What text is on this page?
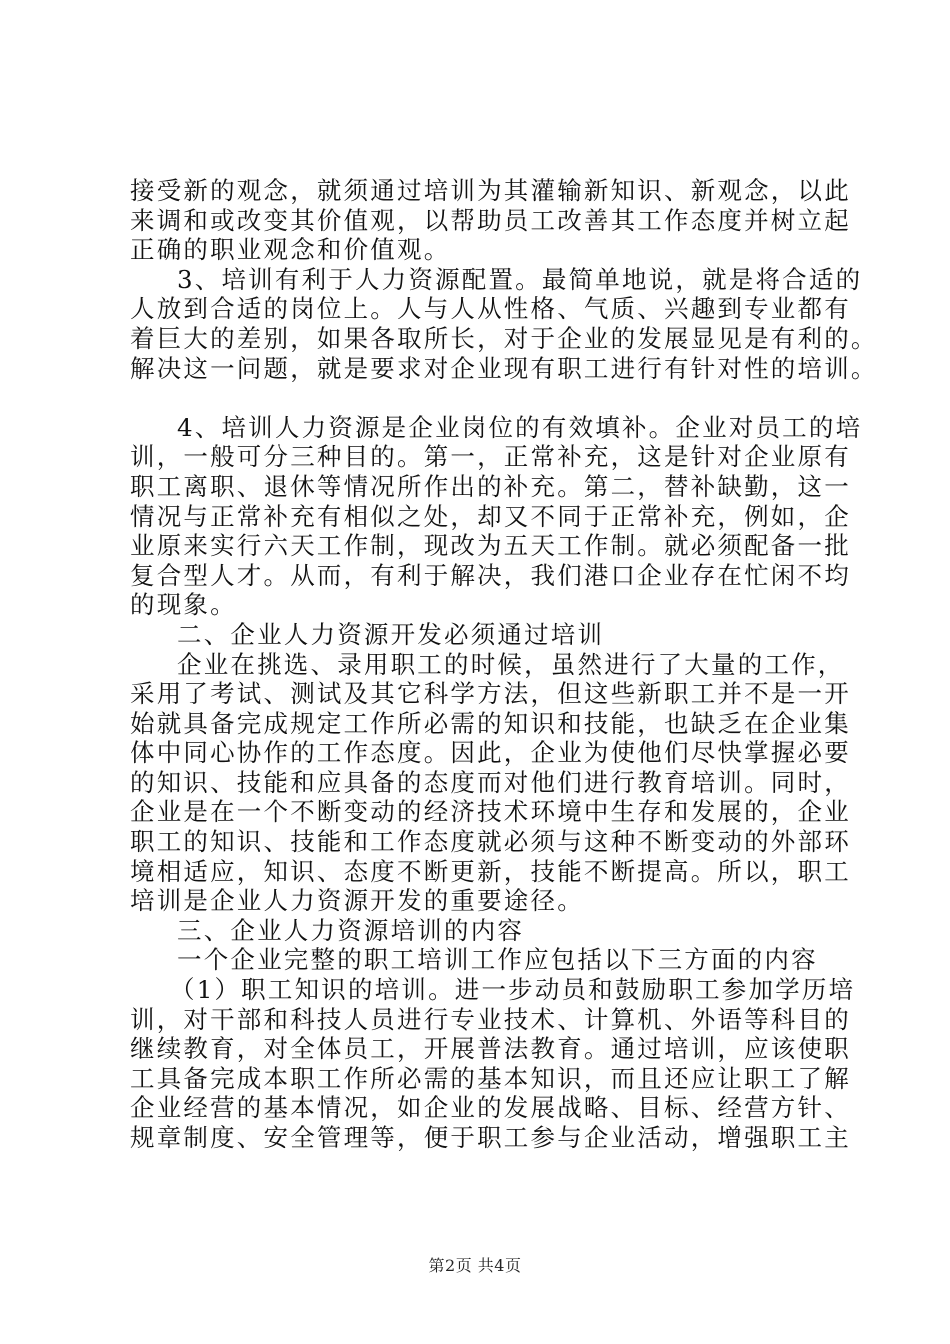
接受新的观念，就须通过培训为其灌输新知识、新观念，以此
来调和或改变其价值观，以帮助员工改善其工作态度并树立起
正确的职业观念和价值观。
3、培训有利于人力资源配置。最简单地说，就是将合适的
人放到合适的岗位上。人与人从性格、气质、兴趣到专业都有
着巨大的差别，如果各取所长，对于企业的发展显见是有利的。
解决这一问题，就是要求对企业现有职工进行有针对性的培训。
4、培训人力资源是企业岗位的有效填补。企业对员工的培
训，一般可分三种目的。第一，正常补充，这是针对企业原有
职工离职、退休等情况所作出的补充。第二，替补缺勤，这一
情况与正常补充有相似之处，却又不同于正常补充，例如，企
业原来实行六天工作制，现改为五天工作制。就必须配备一批
复合型人才。从而，有利于解决，我们港口企业存在忙闲不均
的现象。
二、企业人力资源开发必须通过培训
企业在挑选、录用职工的时候，虽然进行了大量的工作，
采用了考试、测试及其它科学方法，但这些新职工并不是一开
始就具备完成规定工作所必需的知识和技能，也缺乏在企业集
体中同心协作的工作态度。因此，企业为使他们尽快掌握必要
的知识、技能和应具备的态度而对他们进行教育培训。同时，
企业是在一个不断变动的经济技术环境中生存和发展的，企业
职工的知识、技能和工作态度就必须与这种不断变动的外部环
境相适应，知识、态度不断更新，技能不断提高。所以，职工
培训是企业人力资源开发的重要途径。
三、企业人力资源培训的内容
一个企业完整的职工培训工作应包括以下三方面的内容
（1）职工知识的培训。进一步动员和鼓励职工参加学历培
训，对干部和科技人员进行专业技术、计算机、外语等科目的
继续教育，对全体员工，开展普法教育。通过培训，应该使职
工具备完成本职工作所必需的基本知识，而且还应让职工了解
企业经营的基本情况，如企业的发展战略、目标、经营方针、
规章制度、安全管理等，便于职工参与企业活动，增强职工主
第2页 共4页
